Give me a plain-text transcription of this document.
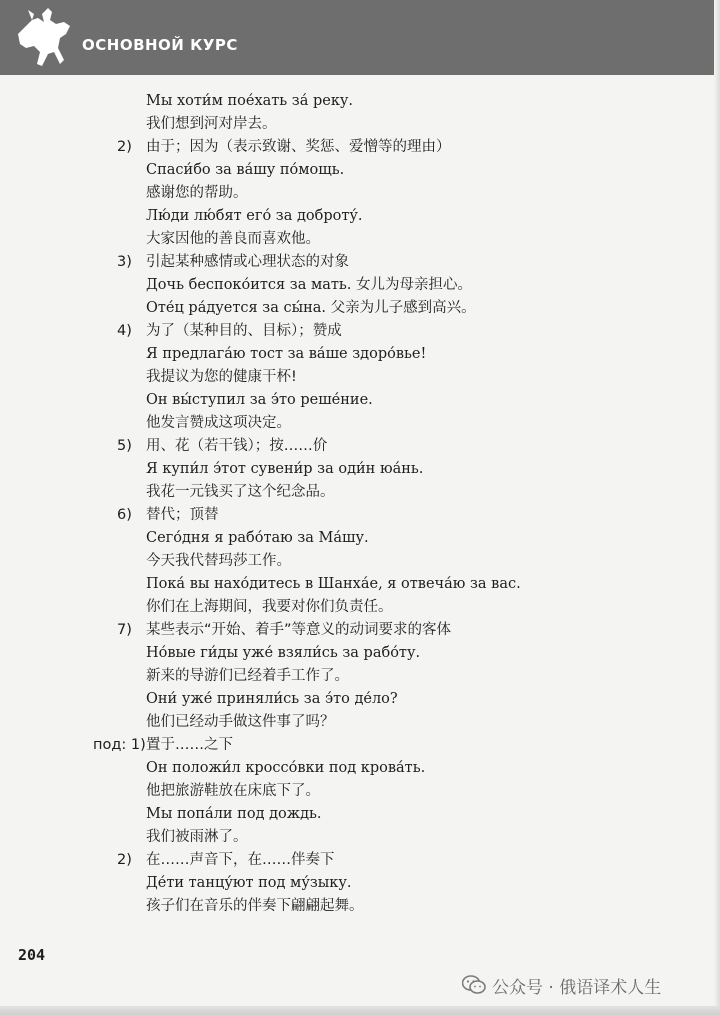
ОСНОВНОЙ КУРС
Мы хоти́м пое́хать за́ реку.
我们想到河对岸去。
2) 由于；因为（表示致谢、奖惩、爱憎等的理由）
Спаси́бо за ва́шу по́мощь.
感谢您的帮助。
Лю́ди лю́бят его́ за доброту́.
大家因他的善良而喜欢他。
3) 引起某种感情或心理状态的对象
Дочь беспоко́ится за мать. 女儿为母亲担心。
Оте́ц ра́дуется за сы́на. 父亲为儿子感到高兴。
4) 为了（某种目的、目标）；赞成
Я предлага́ю тост за ва́ше здоро́вье!
我提议为您的健康干杯!
Он вы́ступил за э́то реше́ние.
他发言赞成这项决定。
5) 用、花（若干钱）；按……价
Я купи́л э́тот сувени́р за оди́н юа́нь.
我花一元钱买了这个纪念品。
6) 替代；顶替
Сего́дня я рабо́таю за Ма́шу.
今天我代替玛莎工作。
Пока́ вы нахо́дитесь в Шанха́е, я отвеча́ю за вас.
你们在上海期间，我要对你们负责任。
7) 某些表示“开始、着手”等意义的动词要求的客体
Но́вые ги́ды уже́ взяли́сь за рабо́ту.
新来的导游们已经着手工作了。
Они́ уже́ приняли́сь за э́то де́ло?
他们已经动手做这件事了吗？
под: 1) 置于……之下
Он положи́л кроссо́вки под крова́ть.
他把旅游鞋放在床底下了。
Мы попа́ли под дождь.
我们被雨淋了。
2) 在……声音下，在……伴奏下
Де́ти танцу́ют под му́зыку.
孩子们在音乐的伴奏下翩翩起舞。
204
公众号 · 俄语译术人生
